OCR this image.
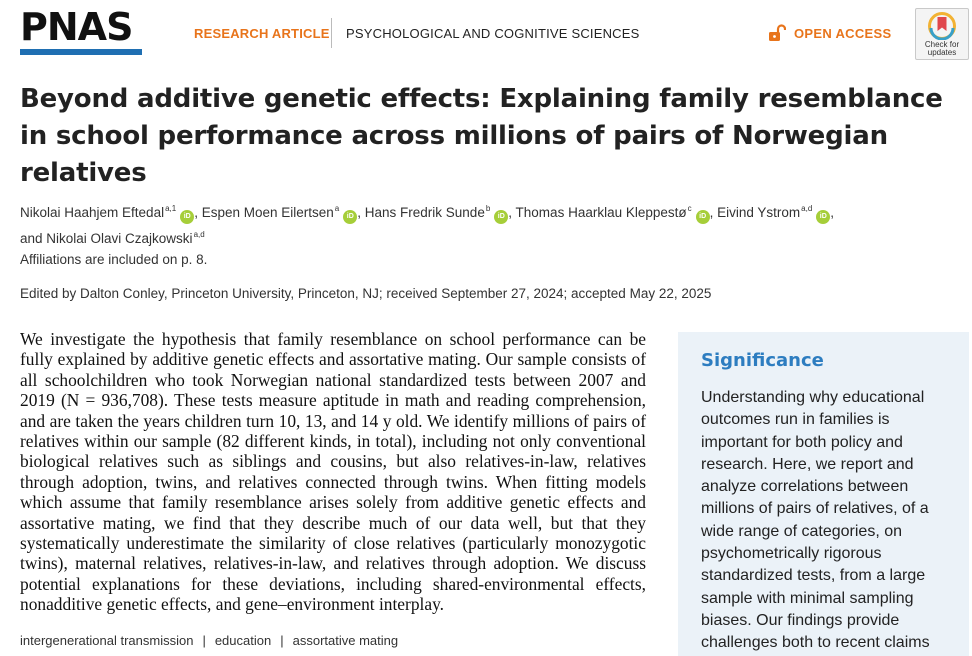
PNAS	RESEARCH ARTICLE PSYCHOLOGICAL AND COGNITIVE SCIENCES	OPEN ACCESS
Check for
updates
Beyond additive genetic effects: Explaining family resemblance in school performance across millions of pairs of Norwegian relatives
Nikolai Haahjem Eftedal$^{a,1}$iD , Espen Moen Eilertsen$^a$iD , Hans Fredrik Sunde$^b$iD , Thomas Haarklau Kleppestø$^c$iD , Eivind Ystrom$^{a,d}$iD ,
and Nikolai Olavi Czajkowski$^{a,d}$
Affiliations are included on p. 8.
Edited by Dalton Conley, Princeton University, Princeton, NJ; received September 27, 2024; accepted May 22, 2025

We investigate the hypothesis that family resemblance on school performance can be fully explained by additive genetic effects and assortative mating. Our sample consists of all schoolchildren who took Norwegian national standardized tests between 2007 and 2019 (N = 936,708). These tests measure aptitude in math and reading comprehension, and are taken the years children turn 10, 13, and 14 y old. We identify millions of pairs of relatives within our sample (82 different kinds, in total), including not only conventional biological relatives such as siblings and cousins, but also relatives-in-law, relatives through adoption, twins, and relatives connected through twins. When fitting models which assume that family resemblance arises solely from additive genetic effects and assortative mating, we find that they describe much of our data well, but that they systematically underestimate the similarity of close relatives (particularly monozygotic twins), maternal relatives, relatives-in-law, and relatives through adoption. We discuss potential explanations for these deviations, including shared-environmental effects, nonadditive genetic effects, and gene–environment interplay.

intergenerational transmission | education | assortative mating
Significance

Understanding why educational outcomes run in families is important for both policy and research. Here, we report and analyze correlations between millions of pairs of relatives, of a wide range of categories, on psychometrically rigorous standardized tests, from a large sample with minimal sampling biases. Our findings provide challenges both to recent claims
